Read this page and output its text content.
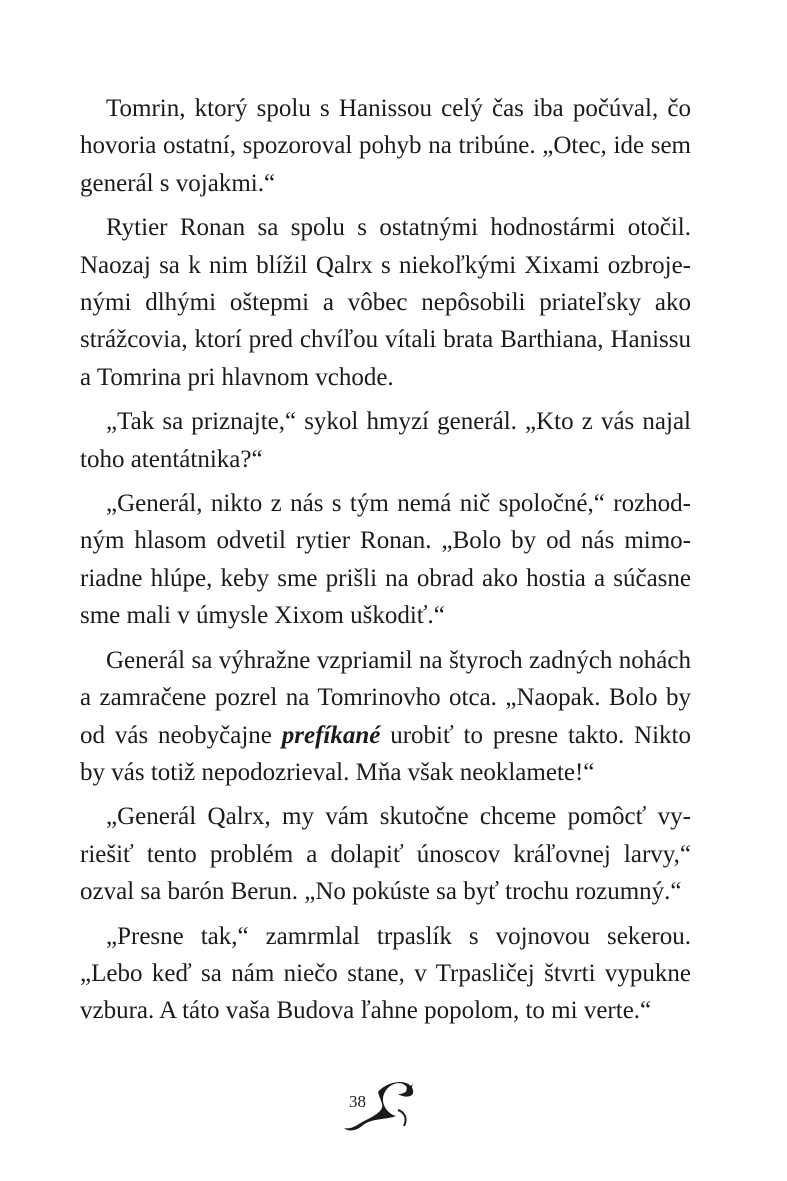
Tomrin, ktorý spolu s Hanissou celý čas iba počúval, čo hovoria ostatní, spozoroval pohyb na tribúne. „Otec, ide sem generál s vojakmi.“

Rytier Ronan sa spolu s ostatnými hodnostármi otočil. Naozaj sa k nim blížil Qalrx s niekoľkými Xixami ozbrojenými dlhými oštepmi a vôbec nepôsobili priateľsky ako strážcovia, ktorí pred chvíľou vítali brata Barthiana, Hanissu a Tomrina pri hlavnom vchode.

„Tak sa priznajte,“ sykol hmyzí generál. „Kto z vás najal toho atentátnika?“

„Generál, nikto z nás s tým nemá nič spoločné,“ rozhodným hlasom odvetil rytier Ronan. „Bolo by od nás mimoriadne hlúpe, keby sme prišli na obrad ako hostia a súčasne sme mali v úmysle Xixom uškodiť.“

Generál sa výhražne vzpriamil na štyroch zadných nohách a zamračene pozrel na Tomrinovho otca. „Naopak. Bolo by od vás neobyčajne prefíkané urobiť to presne takto. Nikto by vás totiž nepodozrieval. Mňa však neoklamete!“

„Generál Qalrx, my vám skutočne chceme pomôcť vyriešiť tento problém a dolapiť únoscov kráľovnej larvy,“ ozval sa barón Berun. „No pokúste sa byť trochu rozumný.“

„Presne tak,“ zamrmlal trpaslík s vojnovou sekerou. „Lebo keď sa nám niečo stane, v Trpasličej štvrti vypukne vzbura. A táto vaša Budova ľahne popolom, to mi verte.“

38
